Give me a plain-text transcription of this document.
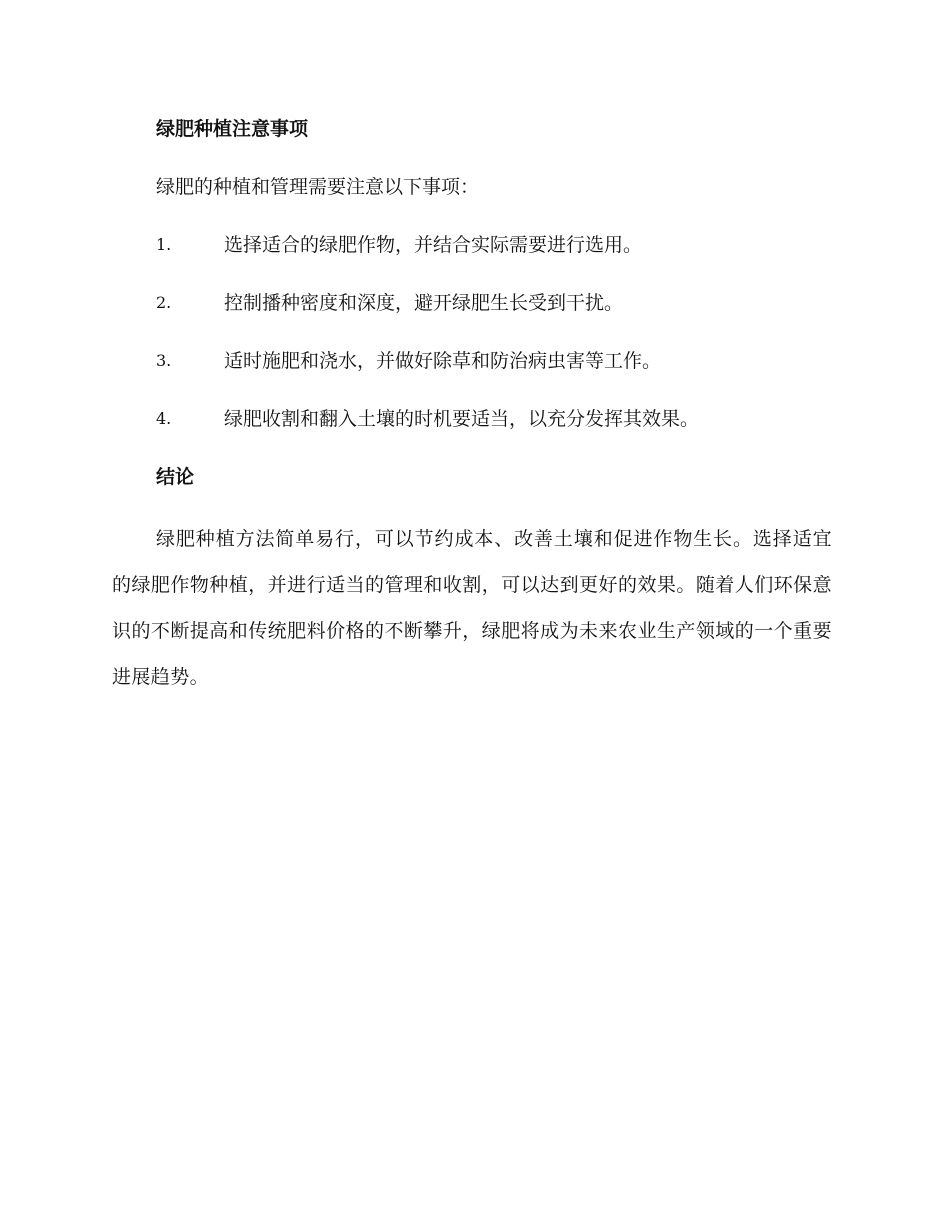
绿肥种植注意事项

绿肥的种植和管理需要注意以下事项：

1.	选择适合的绿肥作物，并结合实际需要进行选用。
2.	控制播种密度和深度，避开绿肥生长受到干扰。
3.	适时施肥和浇水，并做好除草和防治病虫害等工作。
4.	绿肥收割和翻入土壤的时机要适当，以充分发挥其效果。
结论

绿肥种植方法简单易行，可以节约成本、改善土壤和促进作物生长。选择适宜的绿肥作物种植，并进行适当的管理和收割，可以达到更好的效果。随着人们环保意识的不断提高和传统肥料价格的不断攀升，绿肥将成为未来农业生产领域的一个重要进展趋势。
